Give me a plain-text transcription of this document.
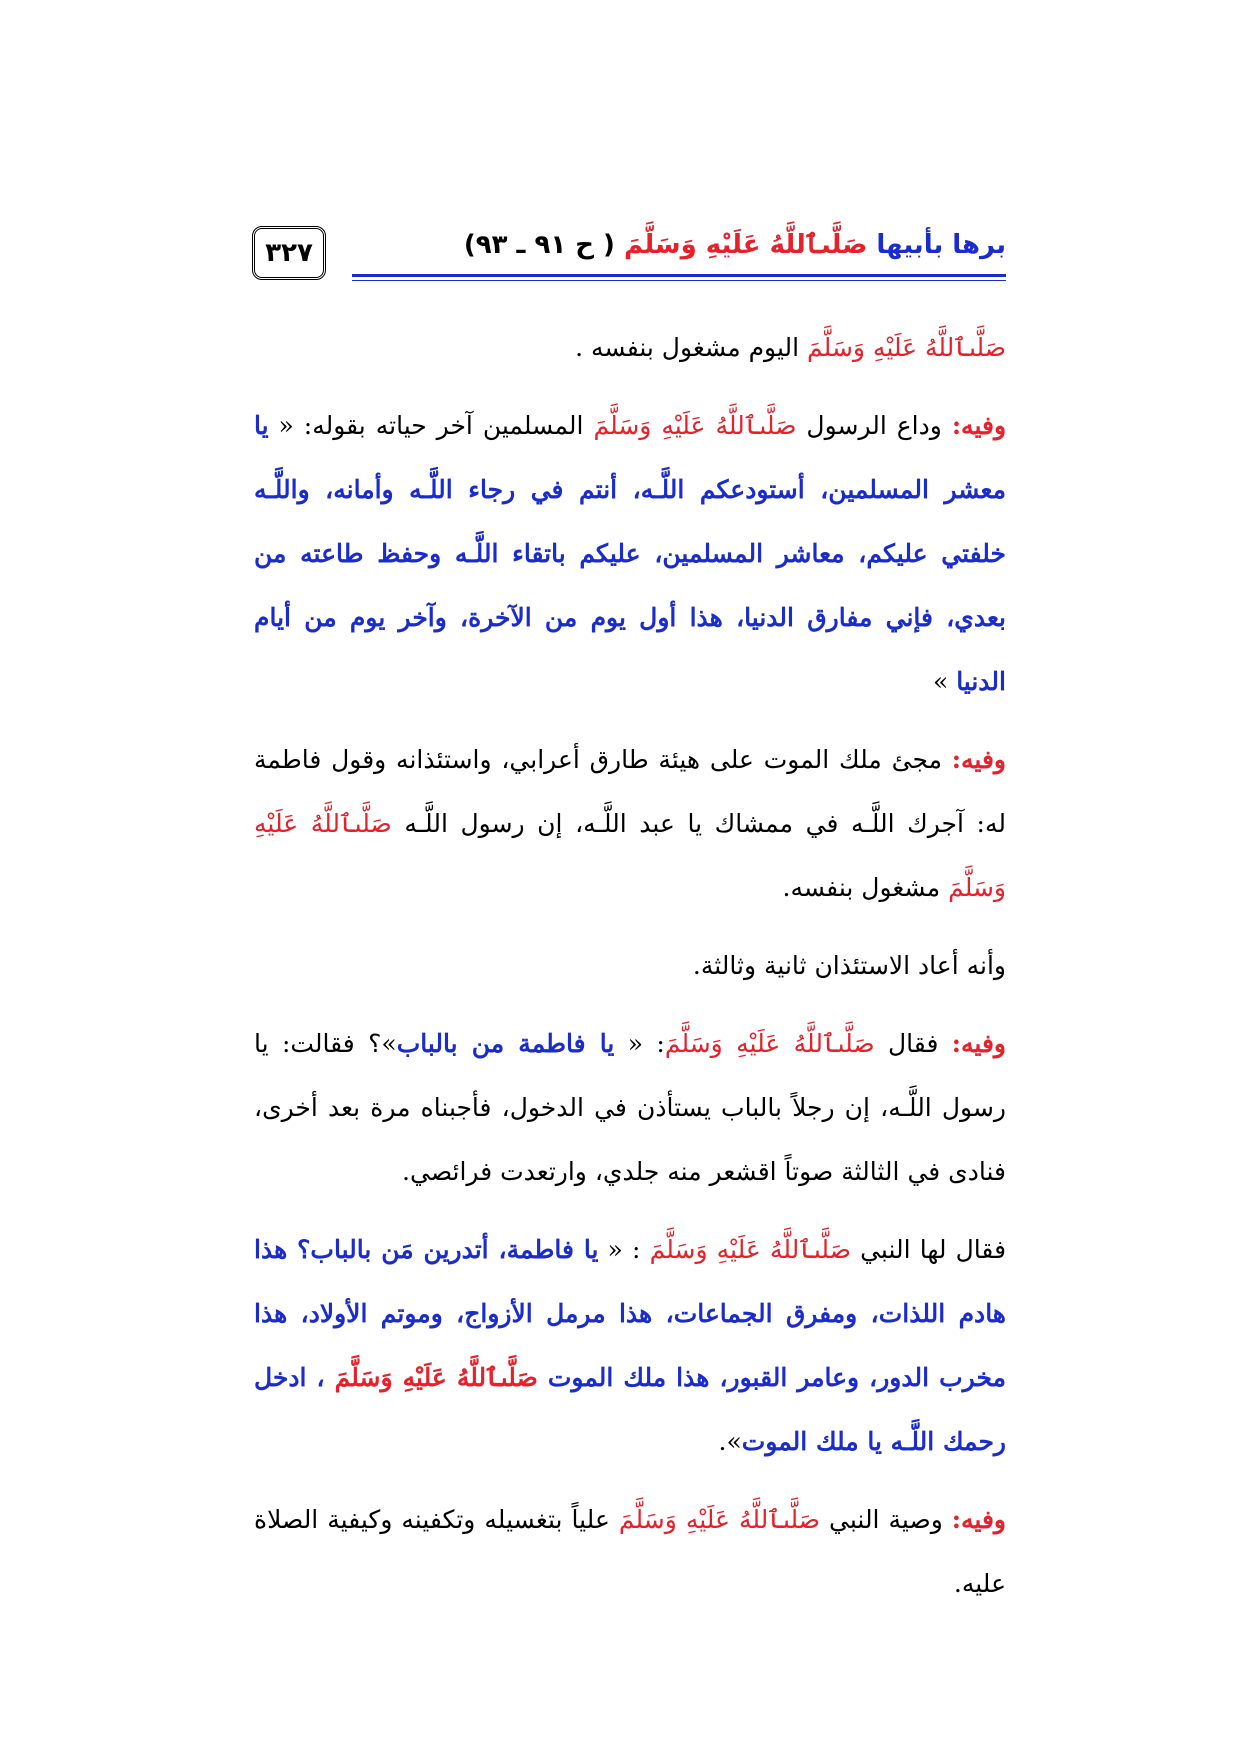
٣٢٧	برها بأبيها صَلَّىٱللَّهُ عَلَيْهِ وَسَلَّمَ ( ح ٩١ ـ ٩٣)

صَلَّىٱللَّهُ عَلَيْهِ وَسَلَّمَ اليوم مشغول بنفسه .

وفيه: وداع الرسول صَلَّىٱللَّهُ عَلَيْهِ وَسَلَّمَ المسلمين آخر حياته بقوله: « يا معشر المسلمين، أستودعكم اللَّـه، أنتم في رجاء اللَّـه وأمانه، واللَّـه خلفتي عليكم، معاشر المسلمين، عليكم باتقاء اللَّـه وحفظ طاعته من بعدي، فإني مفارق الدنيا، هذا أول يوم من الآخرة، وآخر يوم من أيام الدنيا »

وفيه: مجئ ملك الموت على هيئة طارق أعرابي، واستئذانه وقول فاطمة له: آجرك اللَّـه في ممشاك يا عبد اللَّـه، إن رسول اللَّـه صَلَّىٱللَّهُ عَلَيْهِ وَسَلَّمَ مشغول بنفسه.

وأنه أعاد الاستئذان ثانية وثالثة.

وفيه: فقال صَلَّىٱللَّهُ عَلَيْهِ وَسَلَّمَ: « يا فاطمة من بالباب»؟ فقالت: يا رسول اللَّـه، إن رجلاً بالباب يستأذن في الدخول، فأجبناه مرة بعد أخرى، فنادى في الثالثة صوتاً اقشعر منه جلدي، وارتعدت فرائصي.

فقال لها النبي صَلَّىٱللَّهُ عَلَيْهِ وَسَلَّمَ : « يا فاطمة، أتدرين مَن بالباب؟ هذا هادم اللذات، ومفرق الجماعات، هذا مرمل الأزواج، وموتم الأولاد، هذا مخرب الدور، وعامر القبور، هذا ملك الموت صَلَّىٱللَّهُ عَلَيْهِ وَسَلَّمَ ، ادخل رحمك اللَّـه يا ملك الموت».

وفيه: وصية النبي صَلَّىٱللَّهُ عَلَيْهِ وَسَلَّمَ علياً بتغسيله وتكفينه وكيفية الصلاة عليه.
